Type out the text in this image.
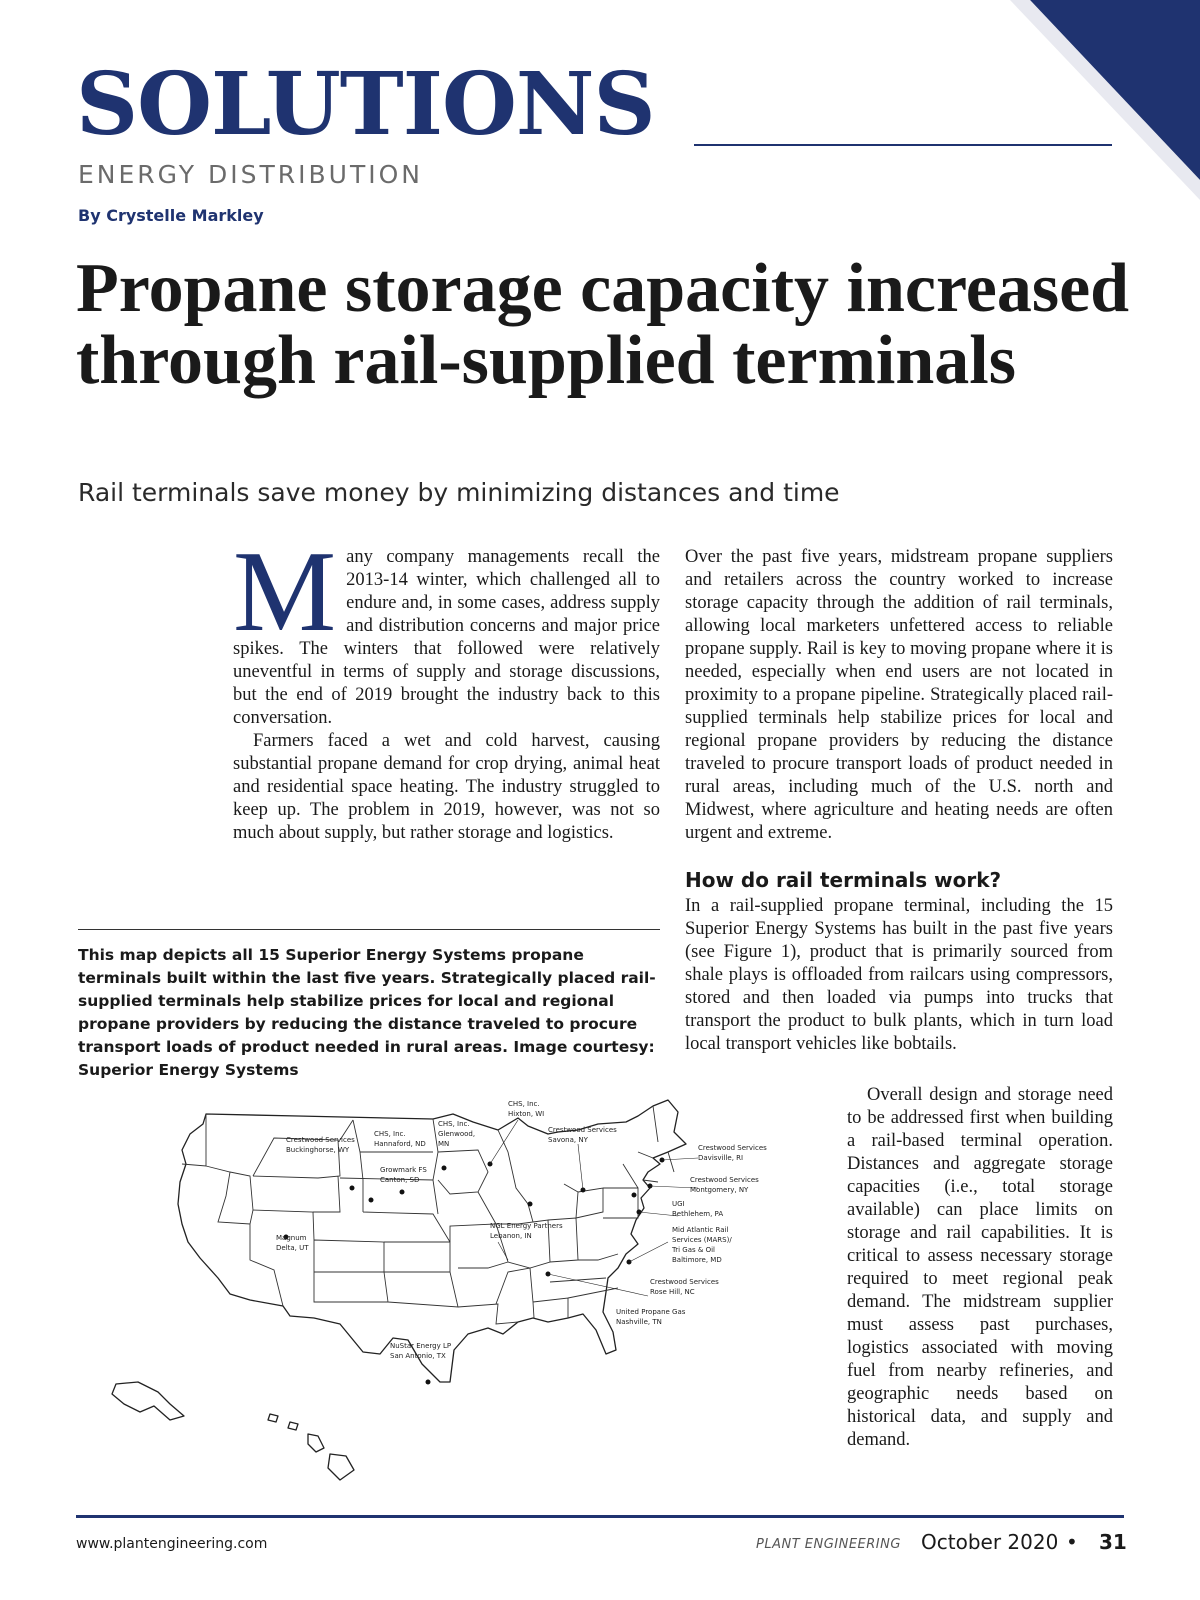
SOLUTIONS
ENERGY DISTRIBUTION
By Crystelle Markley
Propane storage capacity increased through rail-supplied terminals
Rail terminals save money by minimizing distances and time
M any company managements recall the 2013-14 winter, which challenged all to endure and, in some cases, address supply and distribution concerns and major price spikes. The winters that followed were relatively uneventful in terms of supply and storage discussions, but the end of 2019 brought the industry back to this conversation.

Farmers faced a wet and cold harvest, causing substantial propane demand for crop drying, animal heat and residential space heating. The industry struggled to keep up. The problem in 2019, however, was not so much about supply, but rather storage and logistics.

Over the past five years, midstream propane suppliers and retailers across the country worked to increase storage capacity through the addition of rail terminals, allowing local marketers unfettered access to reliable propane supply. Rail is key to moving propane where it is needed, especially when end users are not located in proximity to a propane pipeline. Strategically placed rail-supplied terminals help stabilize prices for local and regional propane providers by reducing the distance traveled to procure transport loads of product needed in rural areas, including much of the U.S. north and Midwest, where agriculture and heating needs are often urgent and extreme.

How do rail terminals work?

In a rail-supplied propane terminal, including the 15 Superior Energy Systems has built in the past five years (see Figure 1), product that is primarily sourced from shale plays is offloaded from railcars using compressors, stored and then loaded via pumps into trucks that transport the product to bulk plants, which in turn load local transport vehicles like bobtails.

Overall design and storage need to be addressed first when building a rail-based terminal operation. Distances and aggregate storage capacities (i.e., total storage available) can place limits on storage and rail capabilities. It is critical to assess necessary storage required to meet regional peak demand. The midstream supplier must assess past purchases, logistics associated with moving fuel from nearby refineries, and geographic needs based on historical data, and supply and demand.

This map depicts all 15 Superior Energy Systems propane terminals built within the last five years. Strategically placed rail-supplied terminals help stabilize prices for local and regional propane providers by reducing the distance traveled to procure transport loads of product needed in rural areas. Image courtesy: Superior Energy Systems

CHS, Inc. Hixton, WI
Crestwood Services Buckinghorse, WY
CHS, Inc. Hannaford, ND
CHS, Inc. Glenwood, MN
Crestwood Services Savona, NY
Crestwood Services Davisville, RI
Growmark FS Canton, SD	Crestwood Services Montgomery, NY
UGI Bethlehem, PA
NGL Energy Partners Lebanon, IN
Magnum Delta, UT
Mid Atlantic Rail Services (MARS)/ Tri Gas & Oil Baltimore, MD
Crestwood Services Rose Hill, NC
United Propane Gas Nashville, TN
NuStar Energy LP San Antonio, TX
www.plantengineering.com	PLANT ENGINEERING October 2020 • 31
